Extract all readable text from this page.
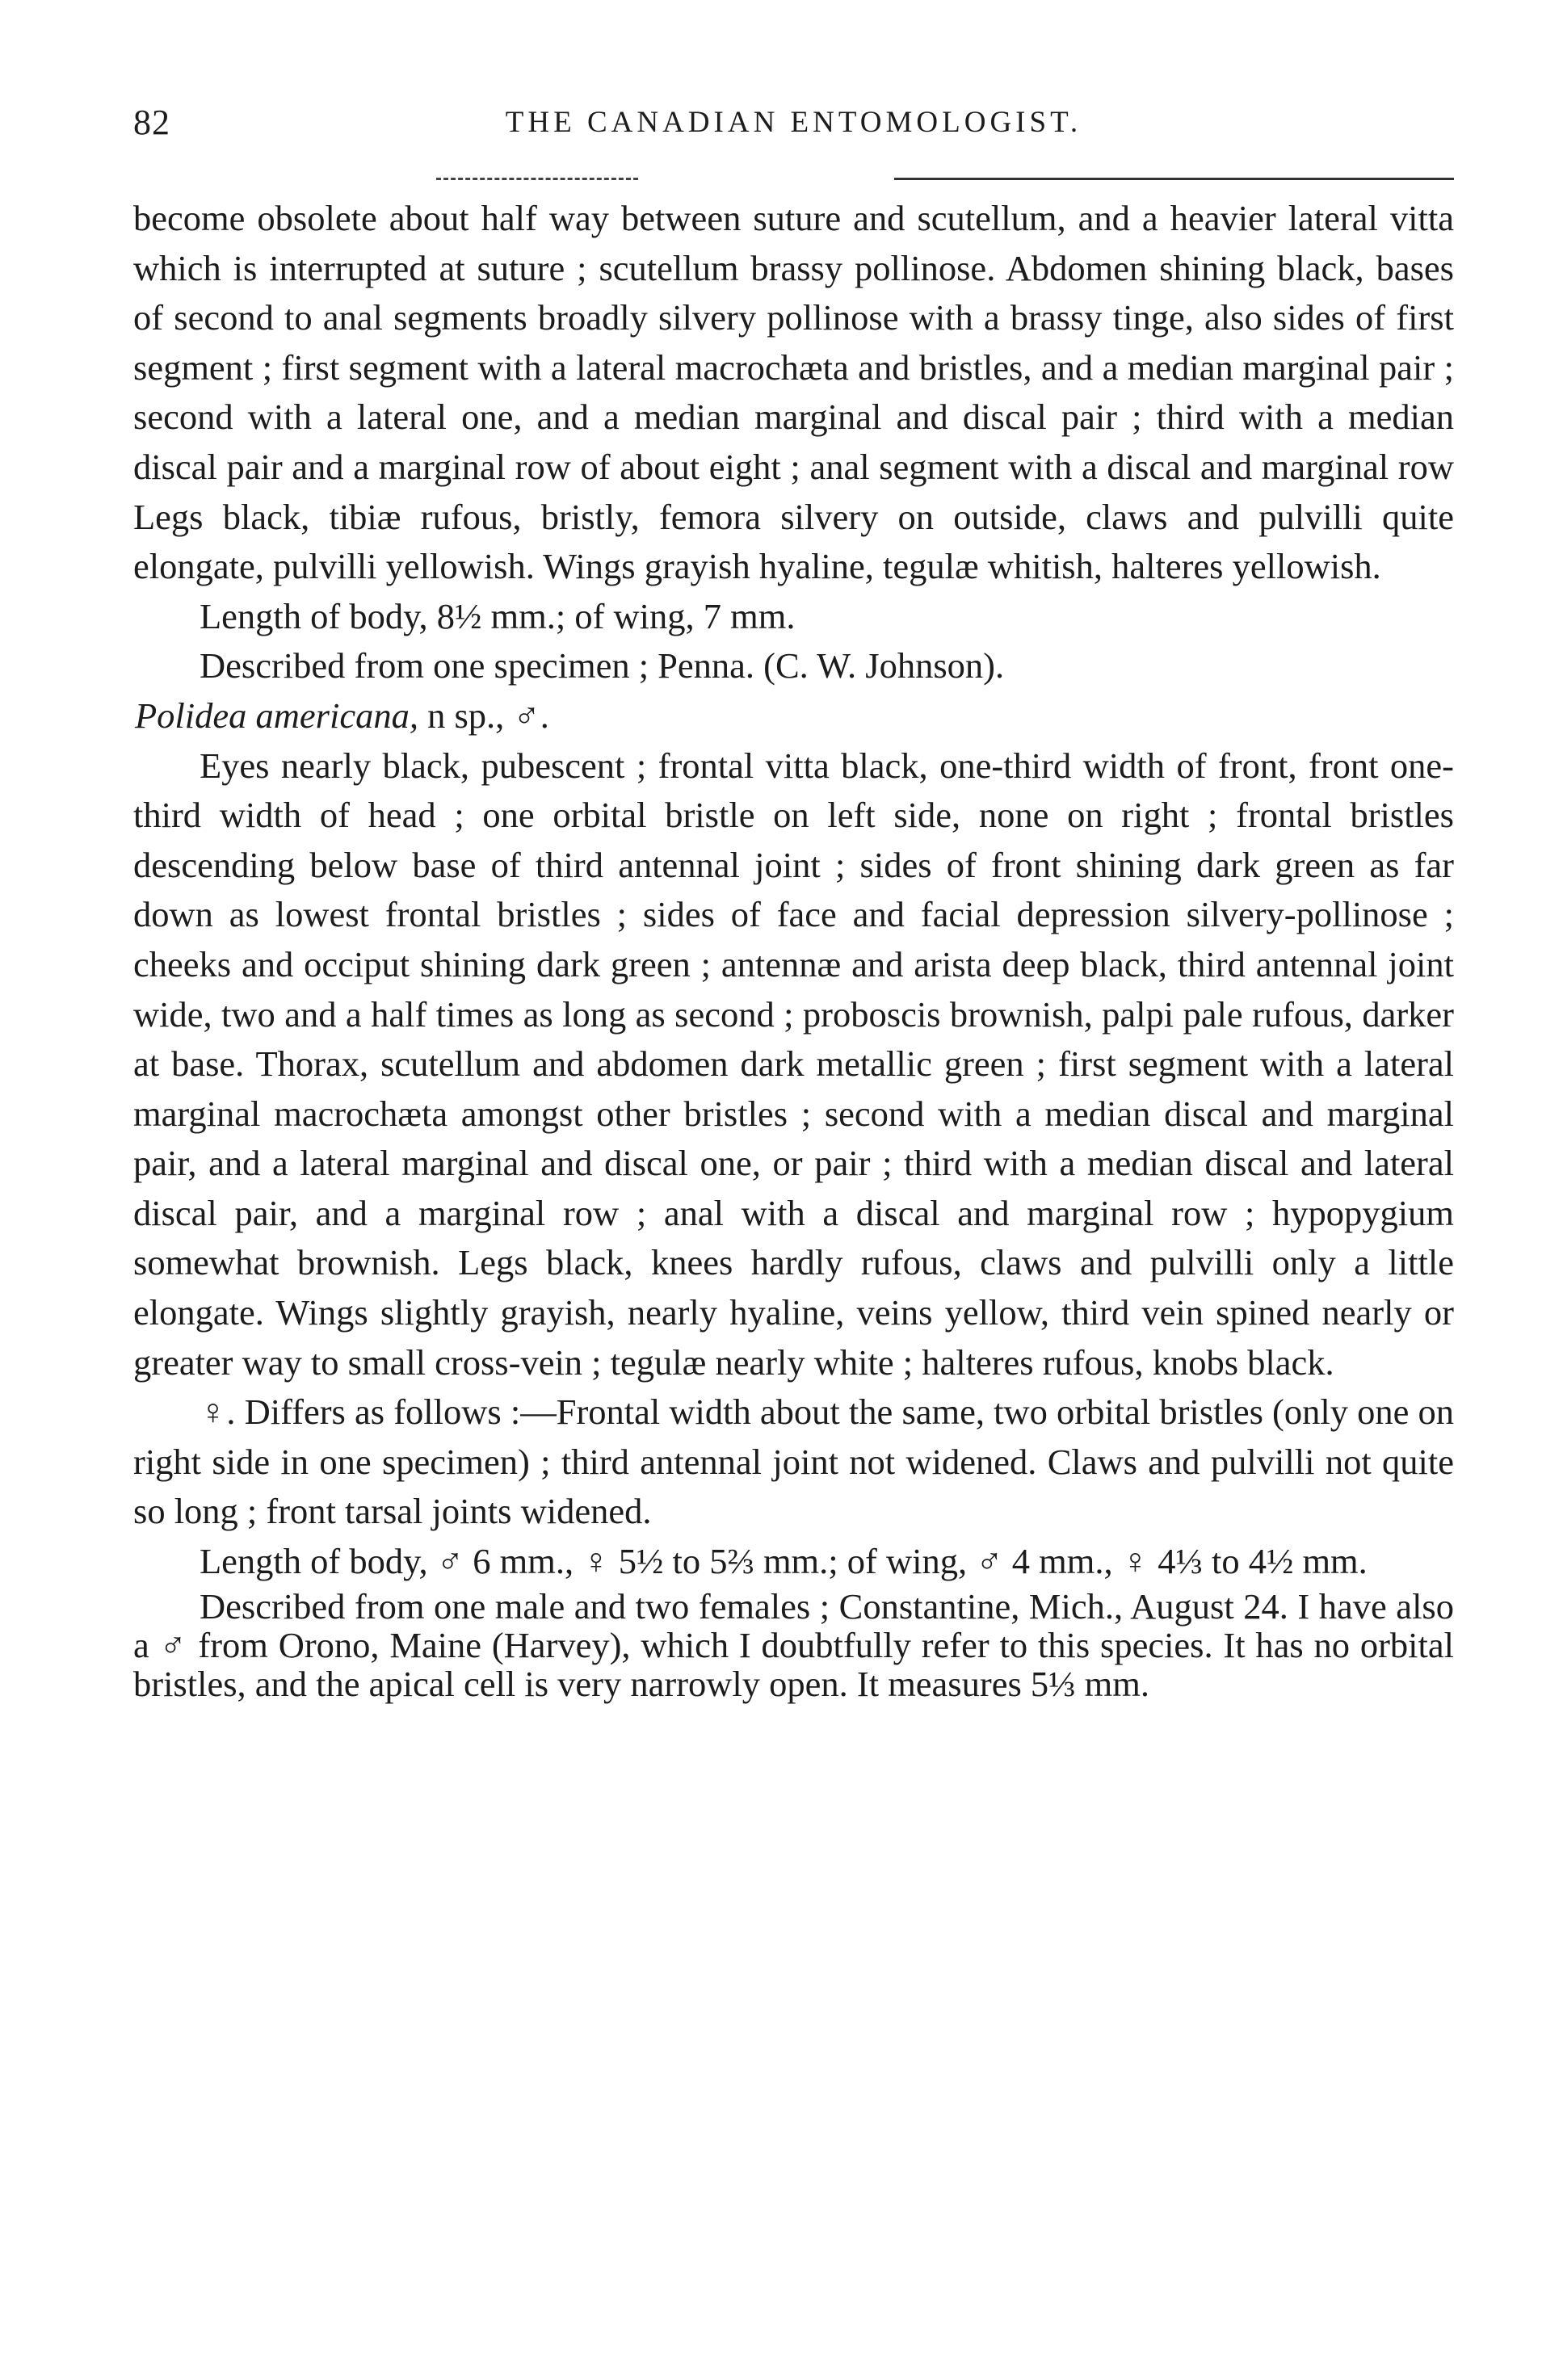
82	THE CANADIAN ENTOMOLOGIST.

become obsolete about half way between suture and scutellum, and a heavier lateral vitta which is interrupted at suture ; scutellum brassy pollinose. Abdomen shining black, bases of second to anal segments broadly silvery pollinose with a brassy tinge, also sides of first segment ; first segment with a lateral macrochæta and bristles, and a median marginal pair ; second with a lateral one, and a median marginal and discal pair ; third with a median discal pair and a marginal row of about eight ; anal segment with a discal and marginal row Legs black, tibiæ rufous, bristly, femora silvery on outside, claws and pulvilli quite elongate, pulvilli yellowish. Wings grayish hyaline, tegulæ whitish, halteres yellowish.

Length of body, 8½ mm.; of wing, 7 mm.

Described from one specimen ; Penna. (C. W. Johnson).

Polidea americana, n sp., ♂.

Eyes nearly black, pubescent ; frontal vitta black, one-third width of front, front one-third width of head ; one orbital bristle on left side, none on right ; frontal bristles descending below base of third antennal joint ; sides of front shining dark green as far down as lowest frontal bristles ; sides of face and facial depression silvery-pollinose ; cheeks and occiput shining dark green ; antennæ and arista deep black, third antennal joint wide, two and a half times as long as second ; proboscis brownish, palpi pale rufous, darker at base. Thorax, scutellum and abdomen dark metallic green ; first segment with a lateral marginal macrochæta amongst other bristles ; second with a median discal and marginal pair, and a lateral marginal and discal one, or pair ; third with a median discal and lateral discal pair, and a marginal row ; anal with a discal and marginal row ; hypopygium somewhat brownish. Legs black, knees hardly rufous, claws and pulvilli only a little elongate. Wings slightly grayish, nearly hyaline, veins yellow, third vein spined nearly or greater way to small cross-vein ; tegulæ nearly white ; halteres rufous, knobs black.

♀. Differs as follows :—Frontal width about the same, two orbital bristles (only one on right side in one specimen) ; third antennal joint not widened. Claws and pulvilli not quite so long ; front tarsal joints widened.

Length of body, ♂ 6 mm., ♀ 5½ to 5⅔ mm.; of wing, ♂ 4 mm., ♀ 4⅓ to 4½ mm.

Described from one male and two females ; Constantine, Mich., August 24. I have also a ♂ from Orono, Maine (Harvey), which I doubtfully refer to this species. It has no orbital bristles, and the apical cell is very narrowly open. It measures 5⅓ mm.
